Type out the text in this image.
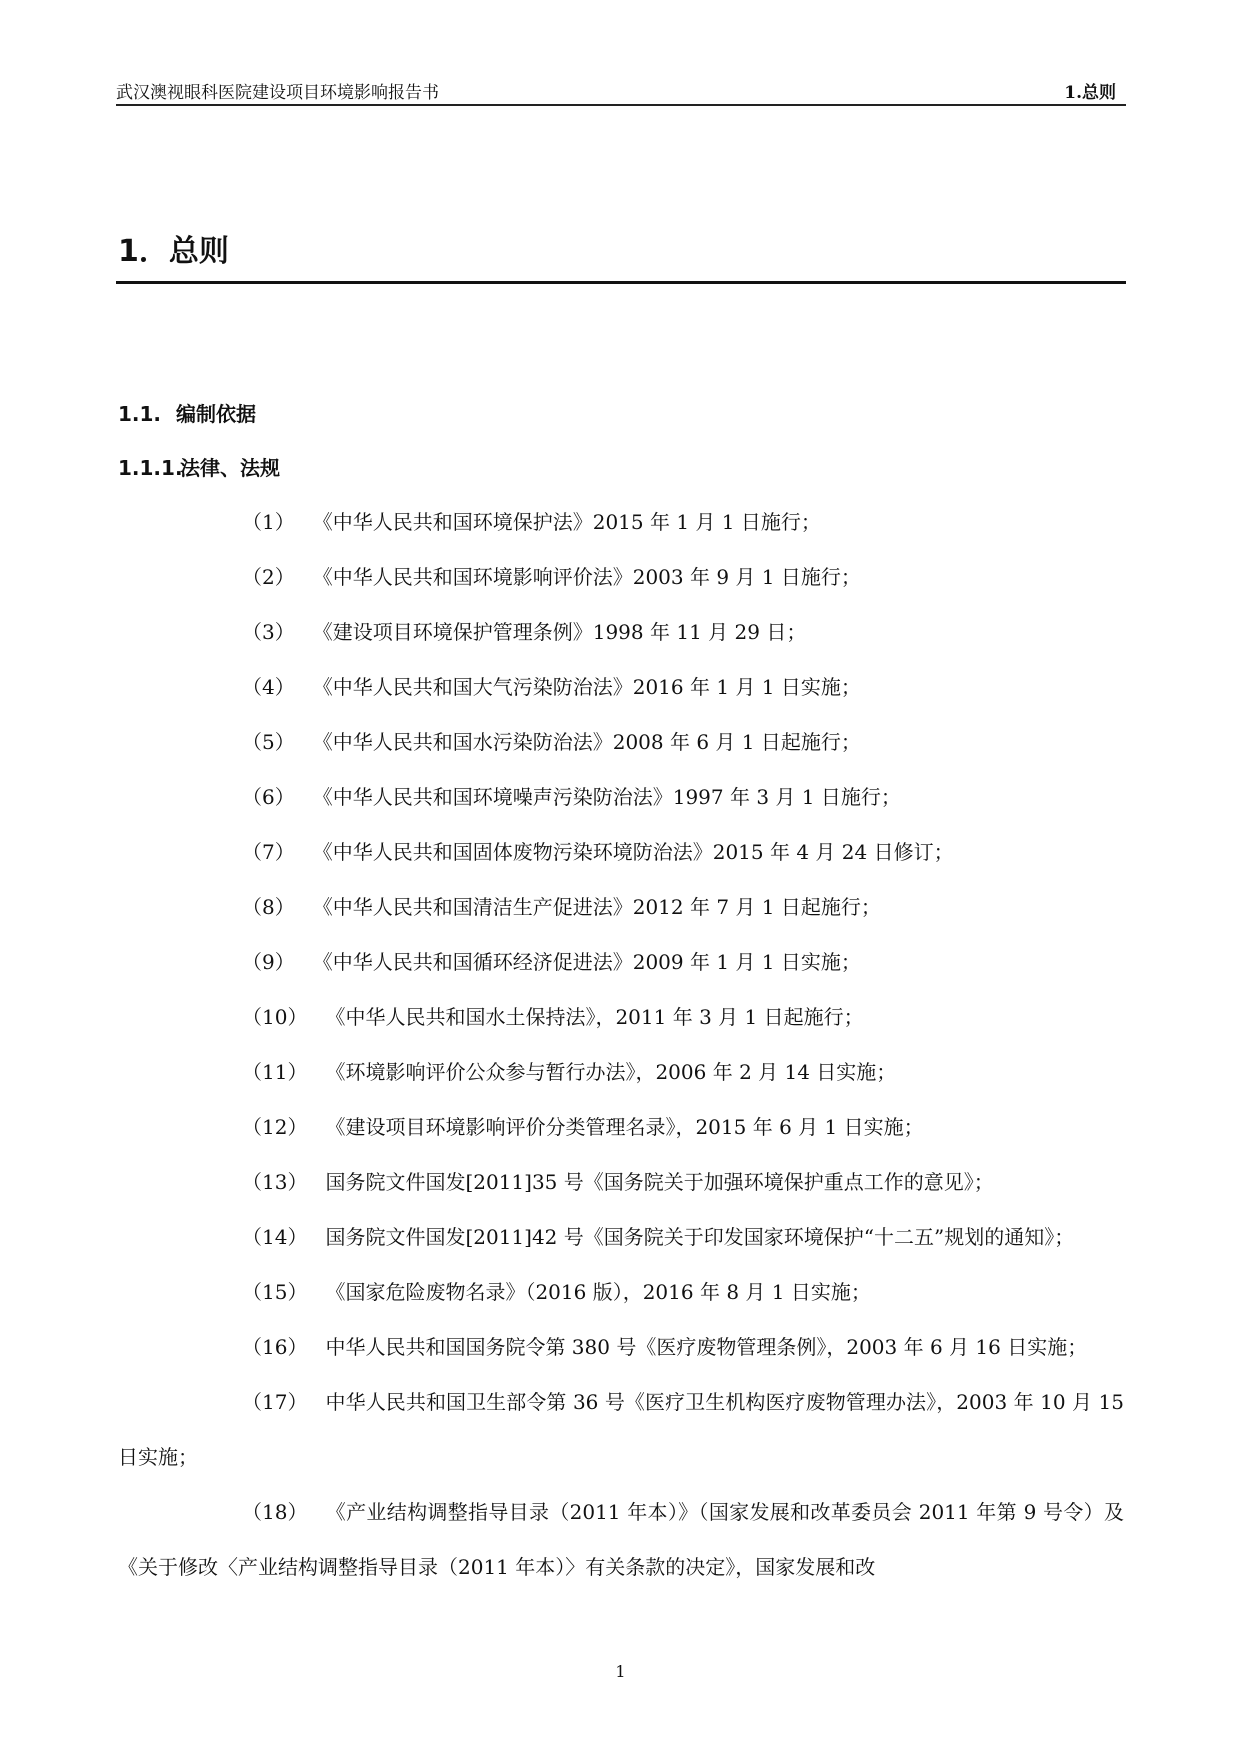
武汉澳视眼科医院建设项目环境影响报告书	1.总则
1．总则
1.1. 编制依据
1.1.1.法律、法规
（1） 《中华人民共和国环境保护法》2015 年 1 月 1 日施行；
（2） 《中华人民共和国环境影响评价法》2003 年 9 月 1 日施行；
（3） 《建设项目环境保护管理条例》1998 年 11 月 29 日；
（4） 《中华人民共和国大气污染防治法》2016 年 1 月 1 日实施；
（5） 《中华人民共和国水污染防治法》2008 年 6 月 1 日起施行；
（6） 《中华人民共和国环境噪声污染防治法》1997 年 3 月 1 日施行；
（7） 《中华人民共和国固体废物污染环境防治法》2015 年 4 月 24 日修订；
（8） 《中华人民共和国清洁生产促进法》2012 年 7 月 1 日起施行；
（9） 《中华人民共和国循环经济促进法》2009 年 1 月 1 日实施；
（10） 《中华人民共和国水土保持法》，2011 年 3 月 1 日起施行；
（11） 《环境影响评价公众参与暂行办法》，2006 年 2 月 14 日实施；
（12） 《建设项目环境影响评价分类管理名录》，2015 年 6 月 1 日实施；
（13） 国务院文件国发[2011]35 号《国务院关于加强环境保护重点工作的意见》；
（14） 国务院文件国发[2011]42 号《国务院关于印发国家环境保护“十二五”规划的通知》；
（15） 《国家危险废物名录》（2016 版），2016 年 8 月 1 日实施；
（16） 中华人民共和国国务院令第 380 号《医疗废物管理条例》，2003 年 6 月 16 日实施；
（17） 中华人民共和国卫生部令第 36 号《医疗卫生机构医疗废物管理办法》，2003 年 10 月 15 日实施；
（18） 《产业结构调整指导目录（2011 年本）》（国家发展和改革委员会 2011 年第 9 号令）及《关于修改〈产业结构调整指导目录（2011 年本）〉有关条款的决定》，国家发展和改
1
